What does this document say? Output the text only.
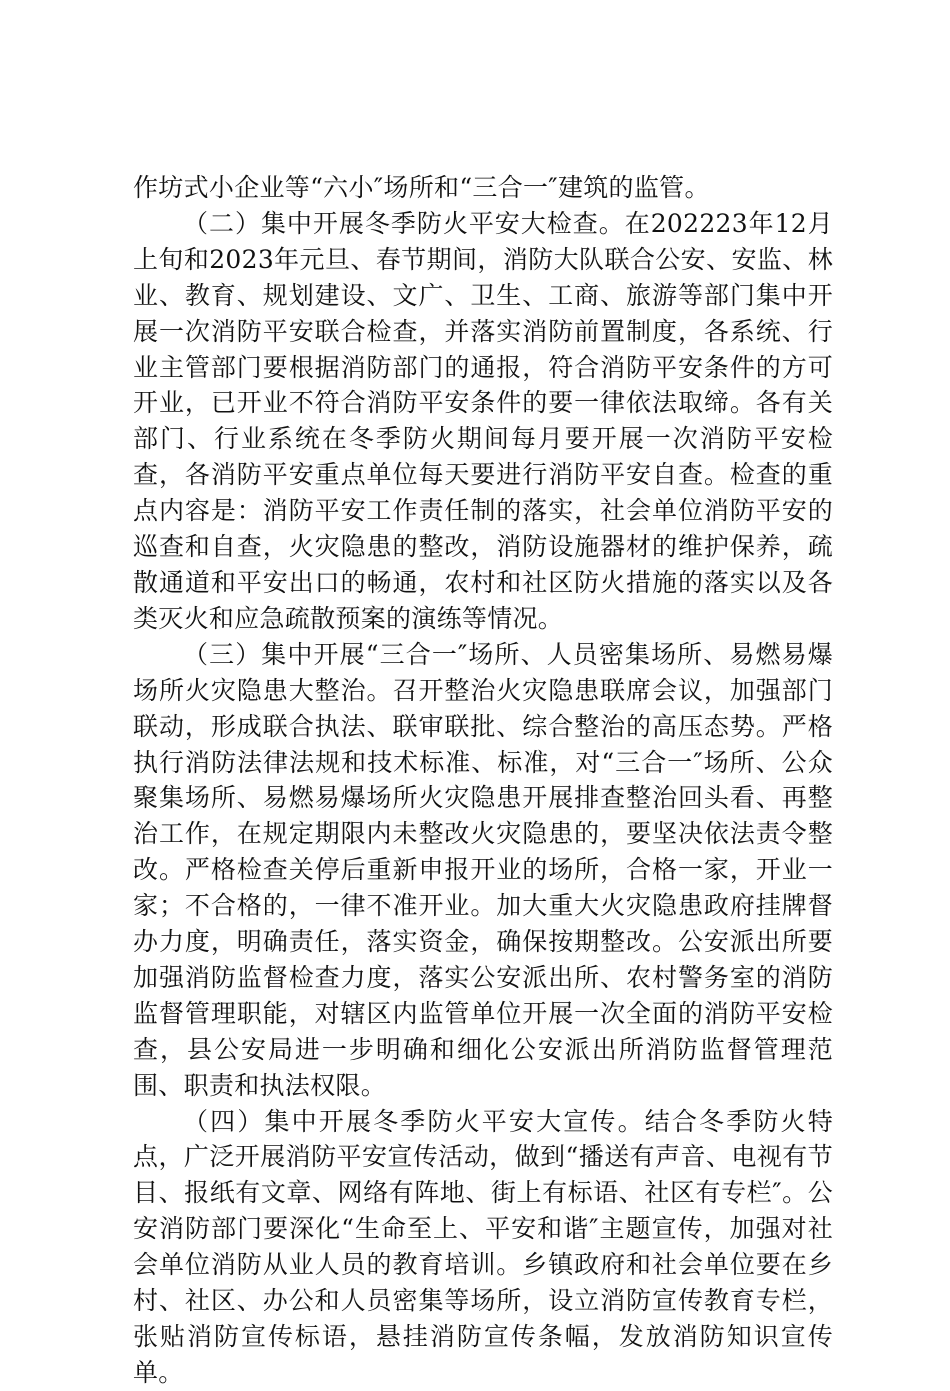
作坊式小企业等“六小″场所和“三合一″建筑的监管。

（二）集中开展冬季防火平安大检查。在202223年12月上旬和2023年元旦、春节期间，消防大队联合公安、安监、林业、教育、规划建设、文广、卫生、工商、旅游等部门集中开展一次消防平安联合检查，并落实消防前置制度，各系统、行业主管部门要根据消防部门的通报，符合消防平安条件的方可开业，已开业不符合消防平安条件的要一律依法取缔。各有关部门、行业系统在冬季防火期间每月要开展一次消防平安检查，各消防平安重点单位每天要进行消防平安自查。检查的重点内容是：消防平安工作责任制的落实，社会单位消防平安的巡查和自查，火灾隐患的整改，消防设施器材的维护保养，疏散通道和平安出口的畅通，农村和社区防火措施的落实以及各类灭火和应急疏散预案的演练等情况。

（三）集中开展“三合一″场所、人员密集场所、易燃易爆场所火灾隐患大整治。召开整治火灾隐患联席会议，加强部门联动，形成联合执法、联审联批、综合整治的高压态势。严格执行消防法律法规和技术标准、标准，对“三合一″场所、公众聚集场所、易燃易爆场所火灾隐患开展排查整治回头看、再整治工作，在规定期限内未整改火灾隐患的，要坚决依法责令整改。严格检查关停后重新申报开业的场所，合格一家，开业一家；不合格的，一律不准开业。加大重大火灾隐患政府挂牌督办力度，明确责任，落实资金，确保按期整改。公安派出所要加强消防监督检查力度，落实公安派出所、农村警务室的消防监督管理职能，对辖区内监管单位开展一次全面的消防平安检查，县公安局进一步明确和细化公安派出所消防监督管理范围、职责和执法权限。

（四）集中开展冬季防火平安大宣传。结合冬季防火特点，广泛开展消防平安宣传活动，做到“播送有声音、电视有节目、报纸有文章、网络有阵地、街上有标语、社区有专栏″。公安消防部门要深化“生命至上、平安和谐″主题宣传，加强对社会单位消防从业人员的教育培训。乡镇政府和社会单位要在乡村、社区、办公和人员密集等场所，设立消防宣传教育专栏，张贴消防宣传标语，悬挂消防宣传条幅，发放消防知识宣传单。
